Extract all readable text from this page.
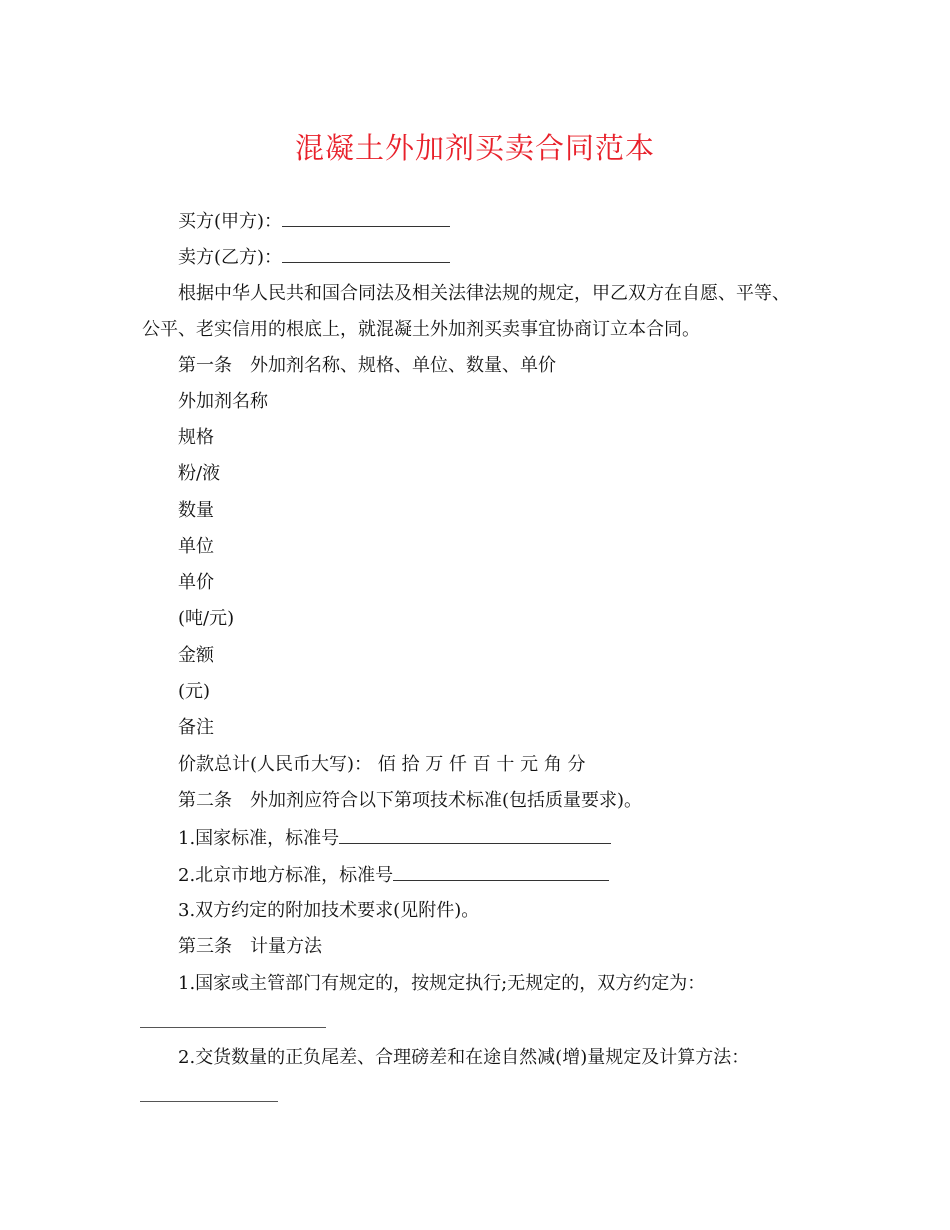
混凝土外加剂买卖合同范本
买方(甲方)：
卖方(乙方)：
根据中华人民共和国合同法及相关法律法规的规定，甲乙双方在自愿、平等、
公平、老实信用的根底上，就混凝土外加剂买卖事宜协商订立本合同。
第一条　外加剂名称、规格、单位、数量、单价
外加剂名称
规格
粉/液
数量
单位
单价
(吨/元)
金额
(元)
备注
价款总计(人民币大写)： 佰 拾 万 仟 百 十 元 角 分
第二条　外加剂应符合以下第项技术标准(包括质量要求)。
1.国家标准，标准号
2.北京市地方标准，标准号
3.双方约定的附加技术要求(见附件)。
第三条　计量方法
1.国家或主管部门有规定的，按规定执行;无规定的，双方约定为：
2.交货数量的正负尾差、合理磅差和在途自然减(增)量规定及计算方法：
